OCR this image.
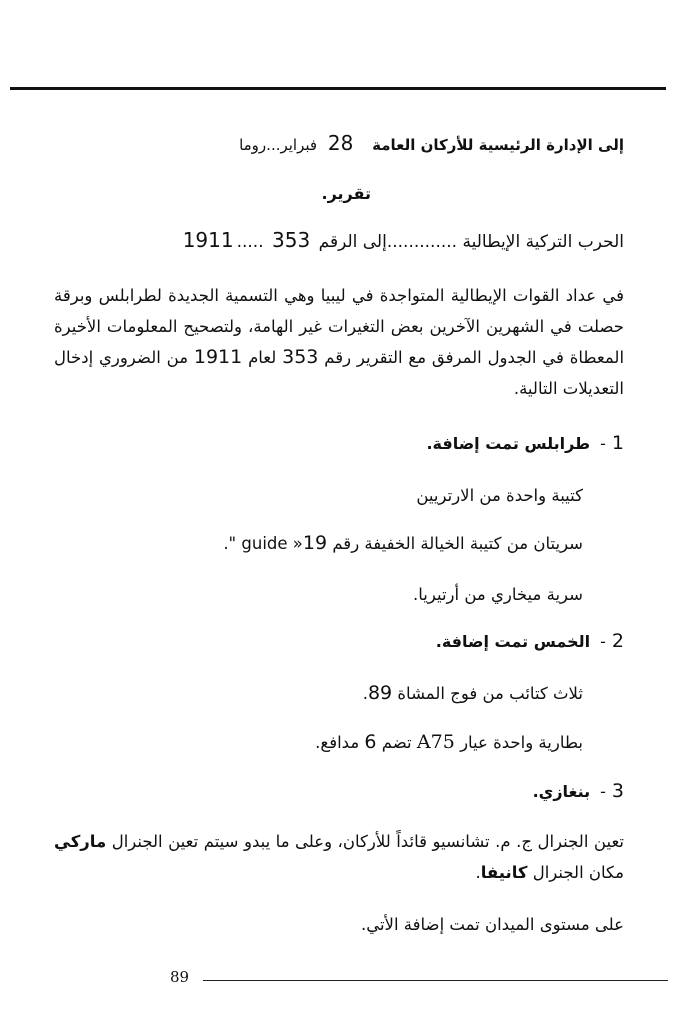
إلى الإدارة الرئيسية للأركان العامة 28 فبراير...روما
تقرير.
الحرب التركية الإيطالية .............إلى الرقم 353 .....1911
في عداد القوات الإيطالية المتواجدة في ليبيا وهي التسمية الجديدة لطرابلس وبرقة حصلت في الشهرين الآخرين بعض التغيرات غير الهامة، ولتصحيح المعلومات الأخيرة المعطاة في الجدول المرفق مع التقرير رقم 353 لعام 1911 من الضروري إدخال التعديلات التالية.
1-طرابلس تمت إضافة.
كتيبة واحدة من الارتريين
سريتان من كتيبة الخيالة الخفيفة رقم 19« guide ".
سرية ميخاري من أرتيريا.
2-الخمس تمت إضافة.
ثلاث كتائب من فوج المشاة 89.
بطارية واحدة عيار A75 تضم 6 مدافع.
3-بنغازي.
تعين الجنرال ج. م. تشانسيو قائداً للأركان، وعلى ما يبدو سيتم تعين الجنرال ماركي مكان الجنرال كانيفا.
على مستوى الميدان تمت إضافة الأتي.
89
